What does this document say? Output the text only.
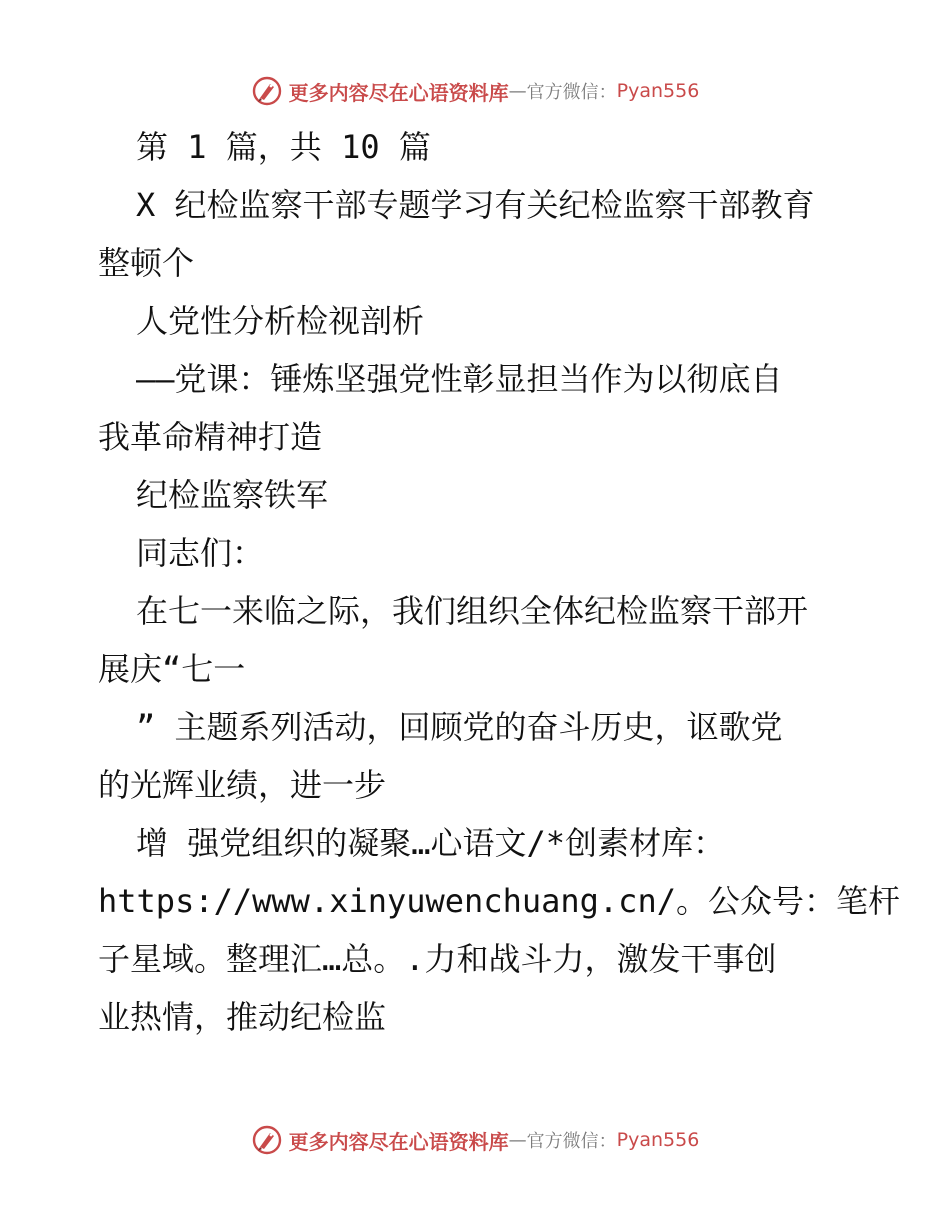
更多内容尽在心语资料库 — 官方微信： Pyan556
第 1 篇，共 10 篇
X 纪检监察干部专题学习有关纪检监察干部教育
整顿个
人党性分析检视剖析
——党课：锤炼坚强党性彰显担当作为以彻底自
我革命精神打造
纪检监察铁军
同志们：
在七一来临之际，我们组织全体纪检监察干部开
展庆“七一
” 主题系列活动，回顾党的奋斗历史，讴歌党
的光辉业绩，进一步
增 强党组织的凝聚…心语文/*创素材库：
https://www.xinyuwenchuang.cn/。公众号：笔杆
子星域。整理汇…总。.力和战斗力，激发干事创
业热情，推动纪检监
更多内容尽在心语资料库 — 官方微信： Pyan556
